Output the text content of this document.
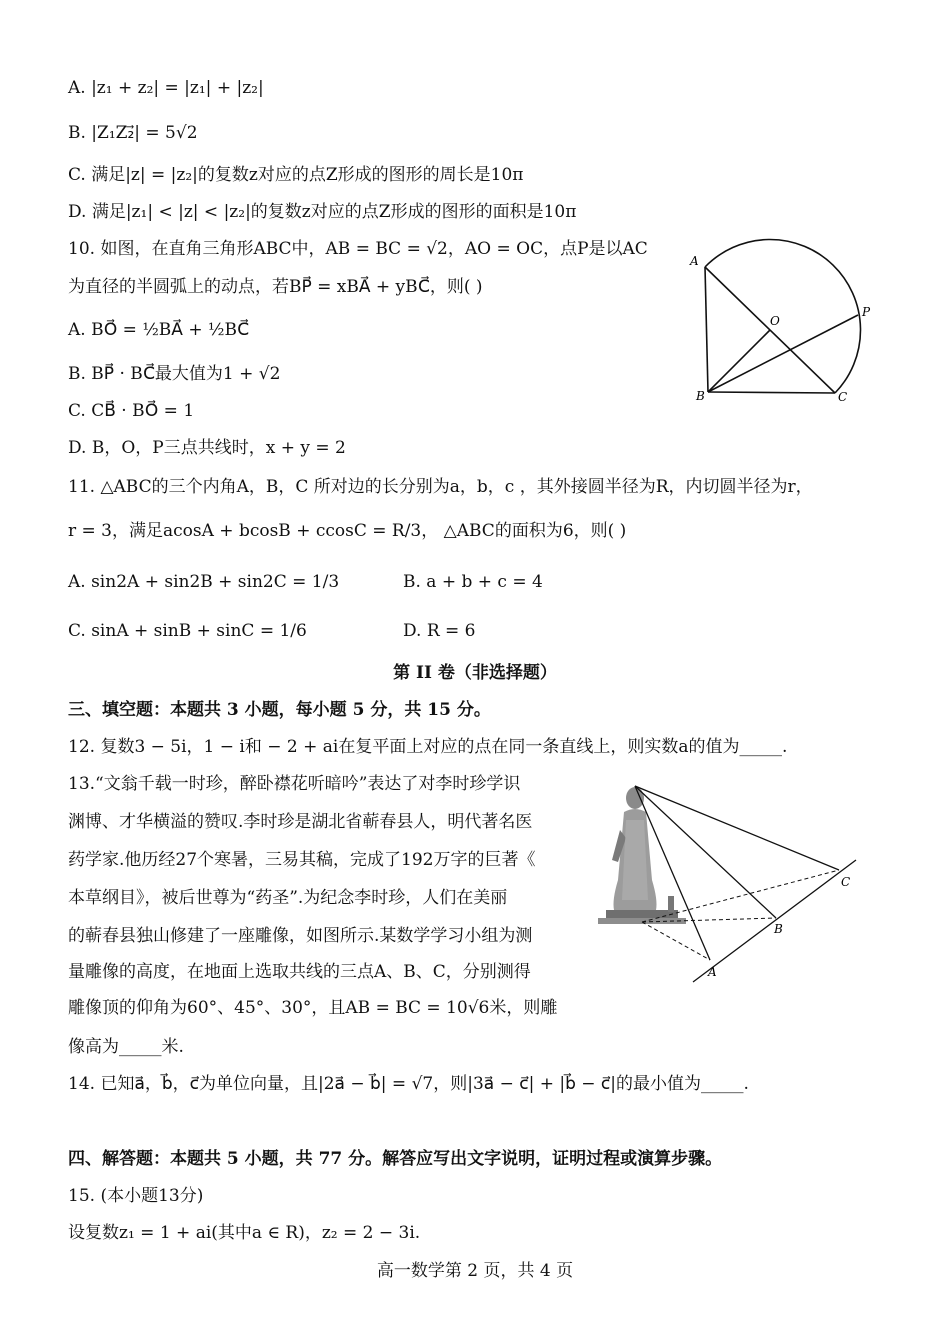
A. |z₁ + z₂| = |z₁| + |z₂|
B. |Z₁Z₂⃗| = 5√2
C. 满足|z| = |z₂|的复数z对应的点Z形成的图形的周长是10π
D. 满足|z₁| < |z| < |z₂|的复数z对应的点Z形成的图形的面积是10π
10. 如图，在直角三角形ABC中，AB = BC = √2，AO = OC，点P是以AC
为直径的半圆弧上的动点，若BP⃗ = xBA⃗ + yBC⃗，则( )
A. BO⃗ = ½BA⃗ + ½BC⃗
B. BP⃗ · BC⃗最大值为1 + √2
C. CB⃗ · BO⃗ = 1
D. B，O，P三点共线时，x + y = 2
A
O
P
B	C
11. △ABC的三个内角A，B，C 所对边的长分别为a，b，c ，其外接圆半径为R，内切圆半径为r，
r = 3，满足acosA + bcosB + ccosC = R/3， △ABC的面积为6，则( )
A. sin2A + sin2B + sin2C = 1/3	B. a + b + c = 4
C. sinA + sinB + sinC = 1/6	D. R = 6
第 II 卷（非选择题）
三、填空题：本题共 3 小题，每小题 5 分，共 15 分。
12. 复数3 − 5i，1 − i和 − 2 + ai在复平面上对应的点在同一条直线上，则实数a的值为_____.
13.“文翁千载一时珍，醉卧襟花听暗吟”表达了对李时珍学识
渊博、才华横溢的赞叹.李时珍是湖北省蕲春县人，明代著名医
药学家.他历经27个寒暑，三易其稿，完成了192万字的巨著《
本草纲目》，被后世尊为“药圣”.为纪念李时珍，人们在美丽
的蕲春县独山修建了一座雕像，如图所示.某数学学习小组为测
量雕像的高度，在地面上选取共线的三点A、B、C，分别测得
雕像顶的仰角为60°、45°、30°，且AB = BC = 10√6米，则雕
像高为_____米.
A
B
C
14. 已知a⃗，b⃗，c⃗为单位向量，且|2a⃗ − b⃗| = √7，则|3a⃗ − c⃗| + |b⃗ − c⃗|的最小值为_____.
四、解答题：本题共 5 小题，共 77 分。解答应写出文字说明，证明过程或演算步骤。
15. (本小题13分)
设复数z₁ = 1 + ai(其中a ∈ R)，z₂ = 2 − 3i.
高一数学第 2 页，共 4 页
